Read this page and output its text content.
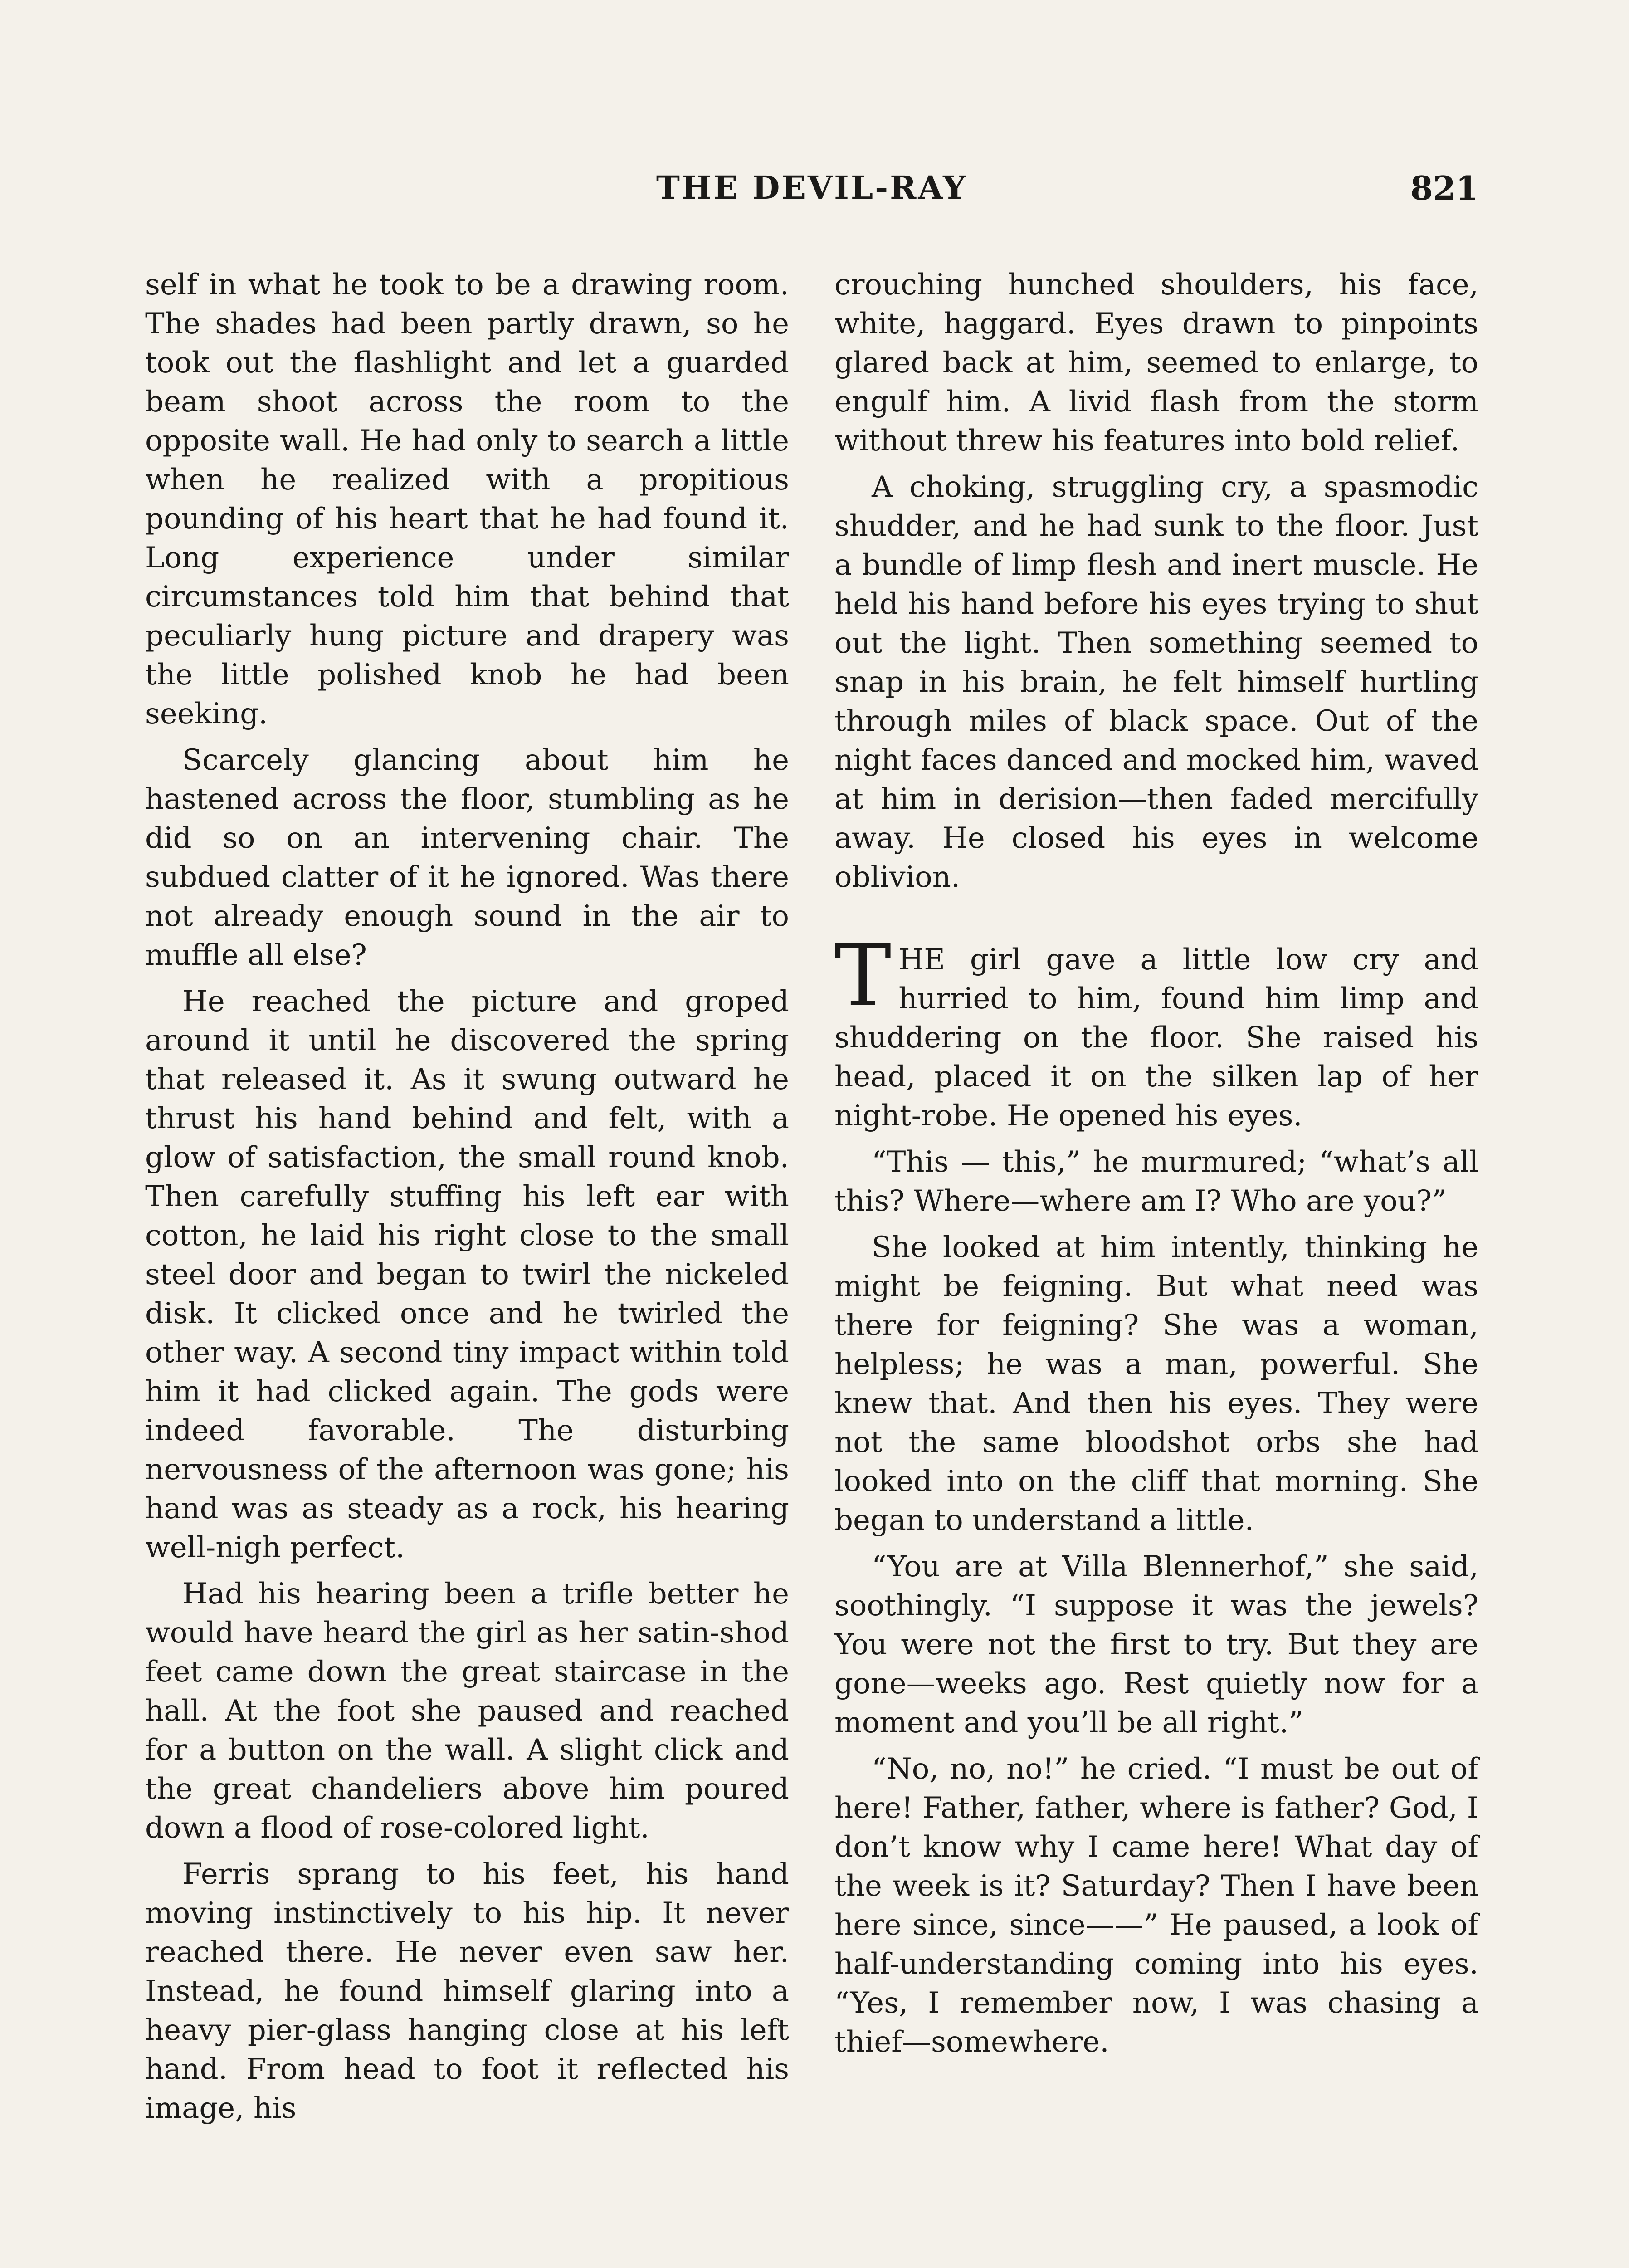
THE DEVIL-RAY	821

self in what he took to be a drawing room. The shades had been partly drawn, so he took out the flashlight and let a guarded beam shoot across the room to the opposite wall. He had only to search a little when he realized with a propitious pounding of his heart that he had found it. Long experience under similar circumstances told him that behind that peculiarly hung picture and drapery was the little polished knob he had been seeking.

Scarcely glancing about him he hastened across the floor, stumbling as he did so on an intervening chair. The subdued clatter of it he ignored. Was there not already enough sound in the air to muffle all else?

He reached the picture and groped around it until he discovered the spring that released it. As it swung outward he thrust his hand behind and felt, with a glow of satisfaction, the small round knob. Then carefully stuffing his left ear with cotton, he laid his right close to the small steel door and began to twirl the nickeled disk. It clicked once and he twirled the other way. A second tiny impact within told him it had clicked again. The gods were indeed favorable. The disturbing nervousness of the afternoon was gone; his hand was as steady as a rock, his hearing well-nigh perfect.

Had his hearing been a trifle better he would have heard the girl as her satin-shod feet came down the great staircase in the hall. At the foot she paused and reached for a button on the wall. A slight click and the great chandeliers above him poured down a flood of rose-colored light.

Ferris sprang to his feet, his hand moving instinctively to his hip. It never reached there. He never even saw her. Instead, he found himself glaring into a heavy pier-glass hanging close at his left hand. From head to foot it reflected his image, his

crouching hunched shoulders, his face, white, haggard. Eyes drawn to pinpoints glared back at him, seemed to enlarge, to engulf him. A livid flash from the storm without threw his features into bold relief.

A choking, struggling cry, a spasmodic shudder, and he had sunk to the floor. Just a bundle of limp flesh and inert muscle. He held his hand before his eyes trying to shut out the light. Then something seemed to snap in his brain, he felt himself hurtling through miles of black space. Out of the night faces danced and mocked him, waved at him in derision—then faded mercifully away. He closed his eyes in welcome oblivion.

THE girl gave a little low cry and hurried to him, found him limp and shuddering on the floor. She raised his head, placed it on the silken lap of her night-robe. He opened his eyes.

“This — this,” he murmured; “what’s all this? Where—where am I? Who are you?”

She looked at him intently, thinking he might be feigning. But what need was there for feigning? She was a woman, helpless; he was a man, powerful. She knew that. And then his eyes. They were not the same bloodshot orbs she had looked into on the cliff that morning. She began to understand a little.

“You are at Villa Blennerhof,” she said, soothingly. “I suppose it was the jewels? You were not the first to try. But they are gone—weeks ago. Rest quietly now for a moment and you’ll be all right.”

“No, no, no!” he cried. “I must be out of here! Father, father, where is father? God, I don’t know why I came here! What day of the week is it? Saturday? Then I have been here since, since——” He paused, a look of half-understanding coming into his eyes. “Yes, I remember now, I was chasing a thief—somewhere.
